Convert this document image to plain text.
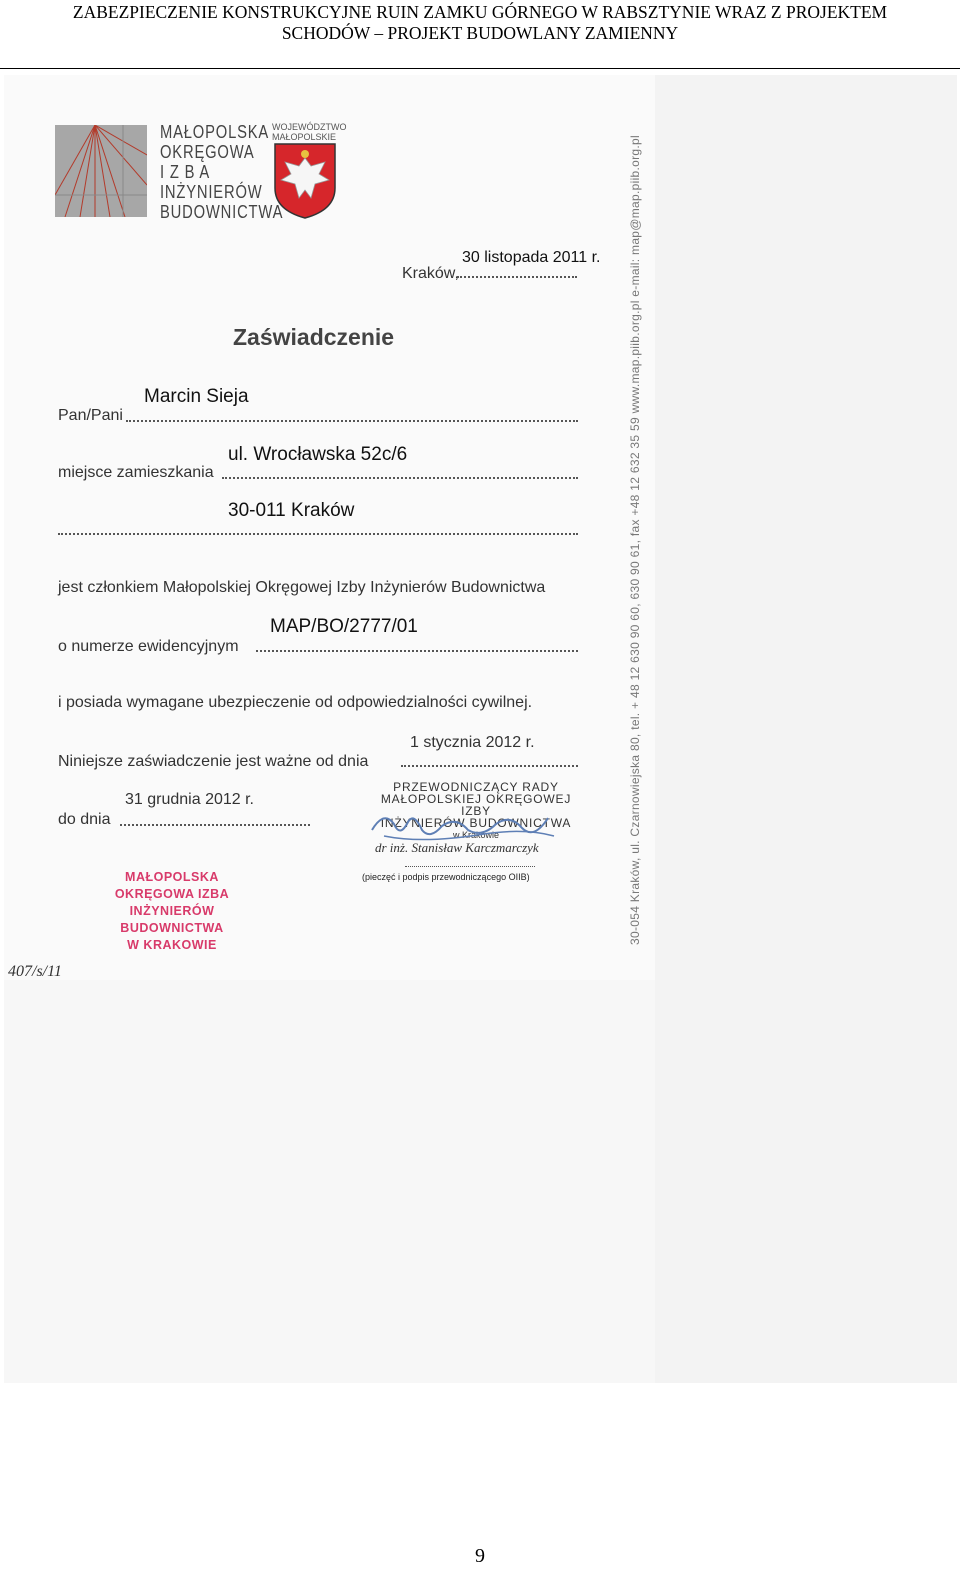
ZABEZPIECZENIE KONSTRUKCYJNE RUIN ZAMKU GÓRNEGO W RABSZTYNIE WRAZ Z PROJEKTEM
SCHODÓW – PROJEKT BUDOWLANY ZAMIENNY
MAŁOPOLSKA
OKRĘGOWA
I Z B A
INŻYNIERÓW
BUDOWNICTWA
WOJEWÓDZTWO
MAŁOPOLSKIE
30 listopada 2011 r.
Kraków,
Zaświadczenie
Marcin Sieja
Pan/Pani
ul. Wrocławska 52c/6
miejsce zamieszkania
30-011 Kraków
jest członkiem Małopolskiej Okręgowej Izby Inżynierów Budownictwa
MAP/BO/2777/01
o numerze ewidencyjnym
i posiada wymagane ubezpieczenie od odpowiedzialności cywilnej.
1 stycznia 2012 r.
Niniejsze zaświadczenie jest ważne od dnia
31 grudnia 2012 r.
do dnia
PRZEWODNICZĄCY RADY
MAŁOPOLSKIEJ OKRĘGOWEJ IZBY
INŻYNIERÓW BUDOWNICTWA
w Krakowie
dr inż. Stanisław Karczmarczyk
(pieczęć i podpis przewodniczącego OIIB)
MAŁOPOLSKA OKRĘGOWA IZBA
INŻYNIERÓW BUDOWNICTWA
W KRAKOWIE
407/s/11
30-054 Kraków, ul. Czarnowiejska 80, tel. + 48 12 630 90 60, 630 90 61, fax +48 12 632 35 59 www.map.piib.org.pl e-mail: map@map.piib.org.pl
9
